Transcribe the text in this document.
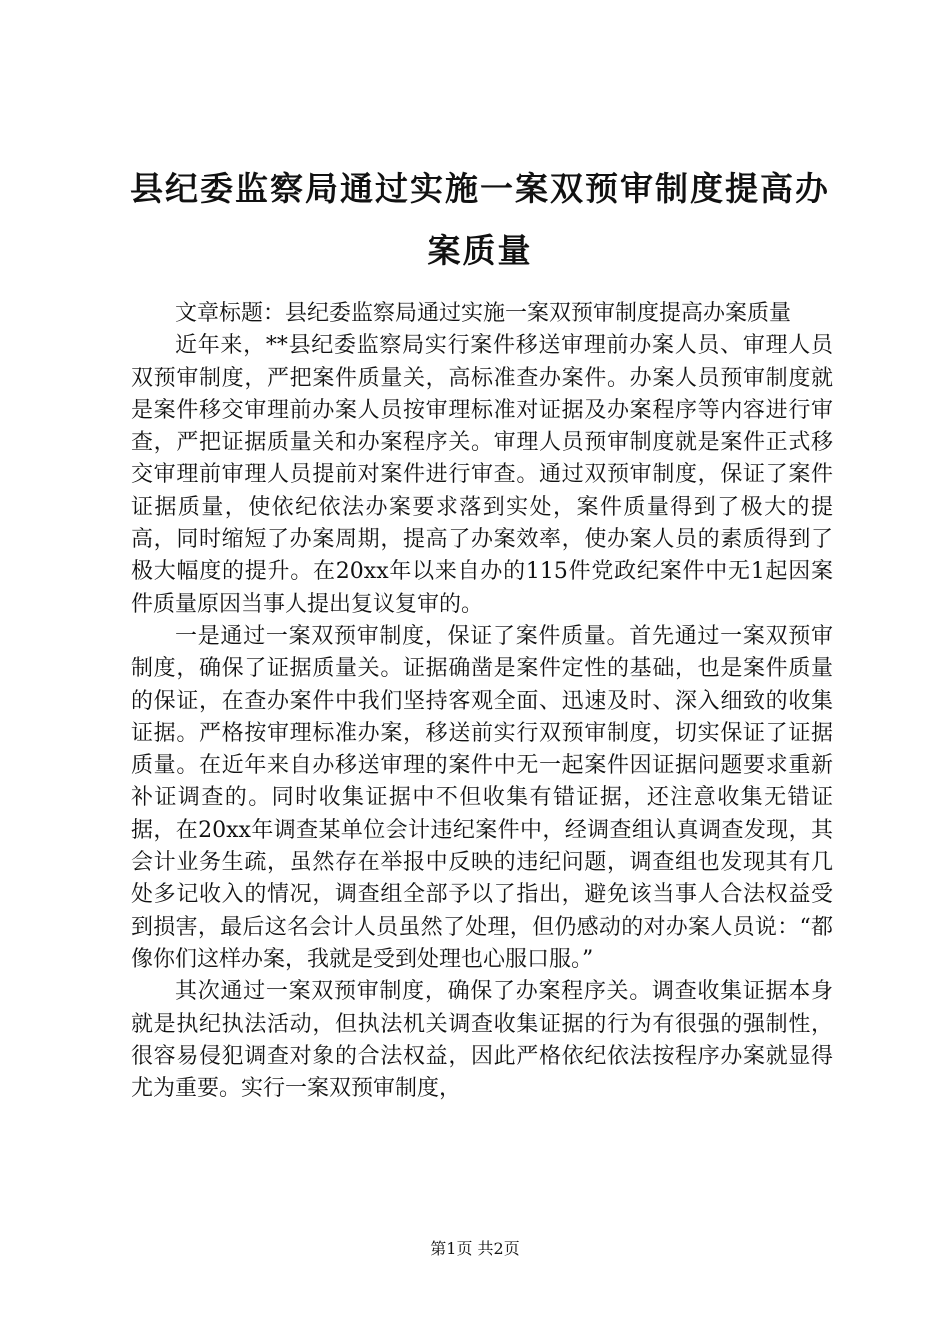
县纪委监察局通过实施一案双预审制度提高办案质量

文章标题：县纪委监察局通过实施一案双预审制度提高办案质量

近年来，**县纪委监察局实行案件移送审理前办案人员、审理人员双预审制度，严把案件质量关，高标准查办案件。办案人员预审制度就是案件移交审理前办案人员按审理标准对证据及办案程序等内容进行审查，严把证据质量关和办案程序关。审理人员预审制度就是案件正式移交审理前审理人员提前对案件进行审查。通过双预审制度，保证了案件证据质量，使依纪依法办案要求落到实处，案件质量得到了极大的提高，同时缩短了办案周期，提高了办案效率，使办案人员的素质得到了极大幅度的提升。在20xx年以来自办的115件党政纪案件中无1起因案件质量原因当事人提出复议复审的。

一是通过一案双预审制度，保证了案件质量。首先通过一案双预审制度，确保了证据质量关。证据确凿是案件定性的基础，也是案件质量的保证，在查办案件中我们坚持客观全面、迅速及时、深入细致的收集证据。严格按审理标准办案，移送前实行双预审制度，切实保证了证据质量。在近年来自办移送审理的案件中无一起案件因证据问题要求重新补证调查的。同时收集证据中不但收集有错证据，还注意收集无错证据，在20xx年调查某单位会计违纪案件中，经调查组认真调查发现，其会计业务生疏，虽然存在举报中反映的违纪问题，调查组也发现其有几处多记收入的情况，调查组全部予以了指出，避免该当事人合法权益受到损害，最后这名会计人员虽然了处理，但仍感动的对办案人员说：“都像你们这样办案，我就是受到处理也心服口服。”

其次通过一案双预审制度，确保了办案程序关。调查收集证据本身就是执纪执法活动，但执法机关调查收集证据的行为有很强的强制性，很容易侵犯调查对象的合法权益，因此严格依纪依法按程序办案就显得尤为重要。实行一案双预审制度，

第1页 共2页
